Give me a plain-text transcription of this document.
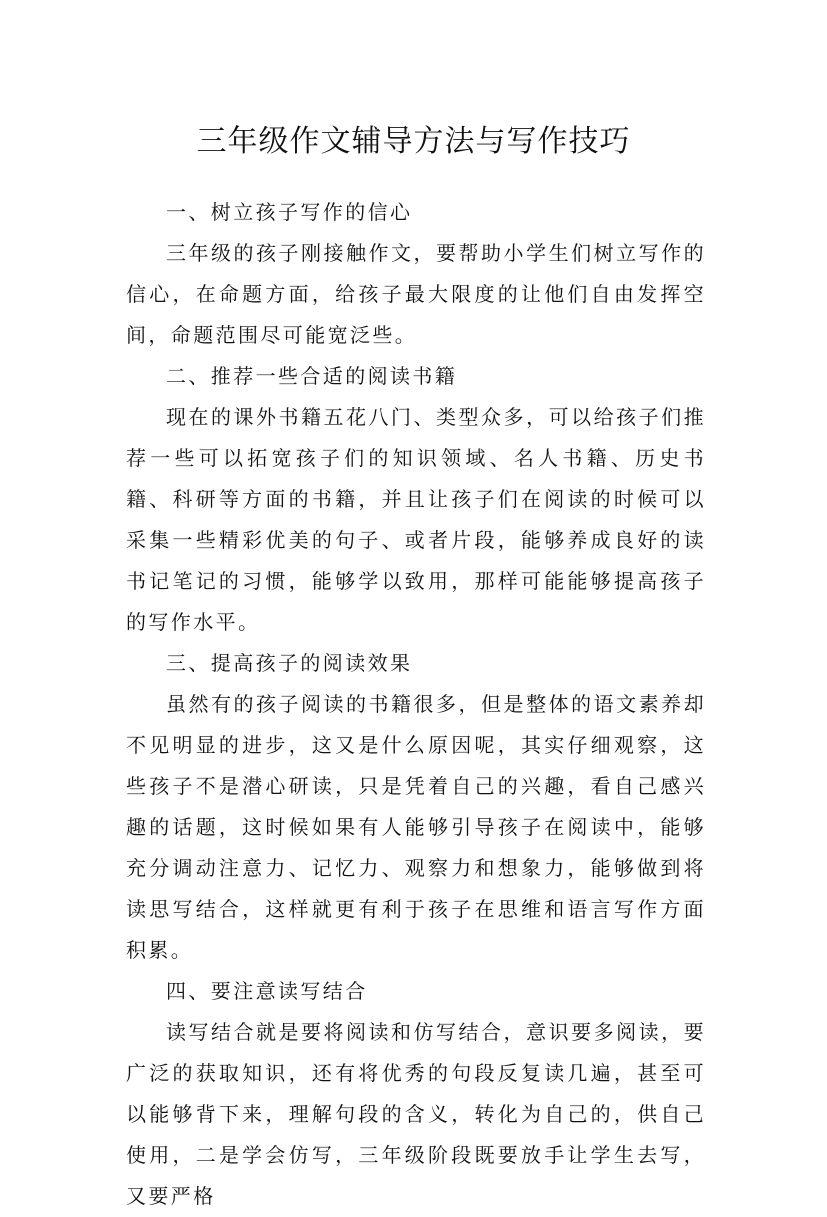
三年级作文辅导方法与写作技巧

一、树立孩子写作的信心

三年级的孩子刚接触作文，要帮助小学生们树立写作的信心，在命题方面，给孩子最大限度的让他们自由发挥空间，命题范围尽可能宽泛些。

二、推荐一些合适的阅读书籍

现在的课外书籍五花八门、类型众多，可以给孩子们推荐一些可以拓宽孩子们的知识领域、名人书籍、历史书籍、科研等方面的书籍，并且让孩子们在阅读的时候可以采集一些精彩优美的句子、或者片段，能够养成良好的读书记笔记的习惯，能够学以致用，那样可能能够提高孩子的写作水平。

三、提高孩子的阅读效果

虽然有的孩子阅读的书籍很多，但是整体的语文素养却不见明显的进步，这又是什么原因呢，其实仔细观察，这些孩子不是潜心研读，只是凭着自己的兴趣，看自己感兴趣的话题，这时候如果有人能够引导孩子在阅读中，能够充分调动注意力、记忆力、观察力和想象力，能够做到将读思写结合，这样就更有利于孩子在思维和语言写作方面积累。

四、要注意读写结合

读写结合就是要将阅读和仿写结合，意识要多阅读，要广泛的获取知识，还有将优秀的句段反复读几遍，甚至可以能够背下来，理解句段的含义，转化为自己的，供自己使用，二是学会仿写，三年级阶段既要放手让学生去写，又要严格
